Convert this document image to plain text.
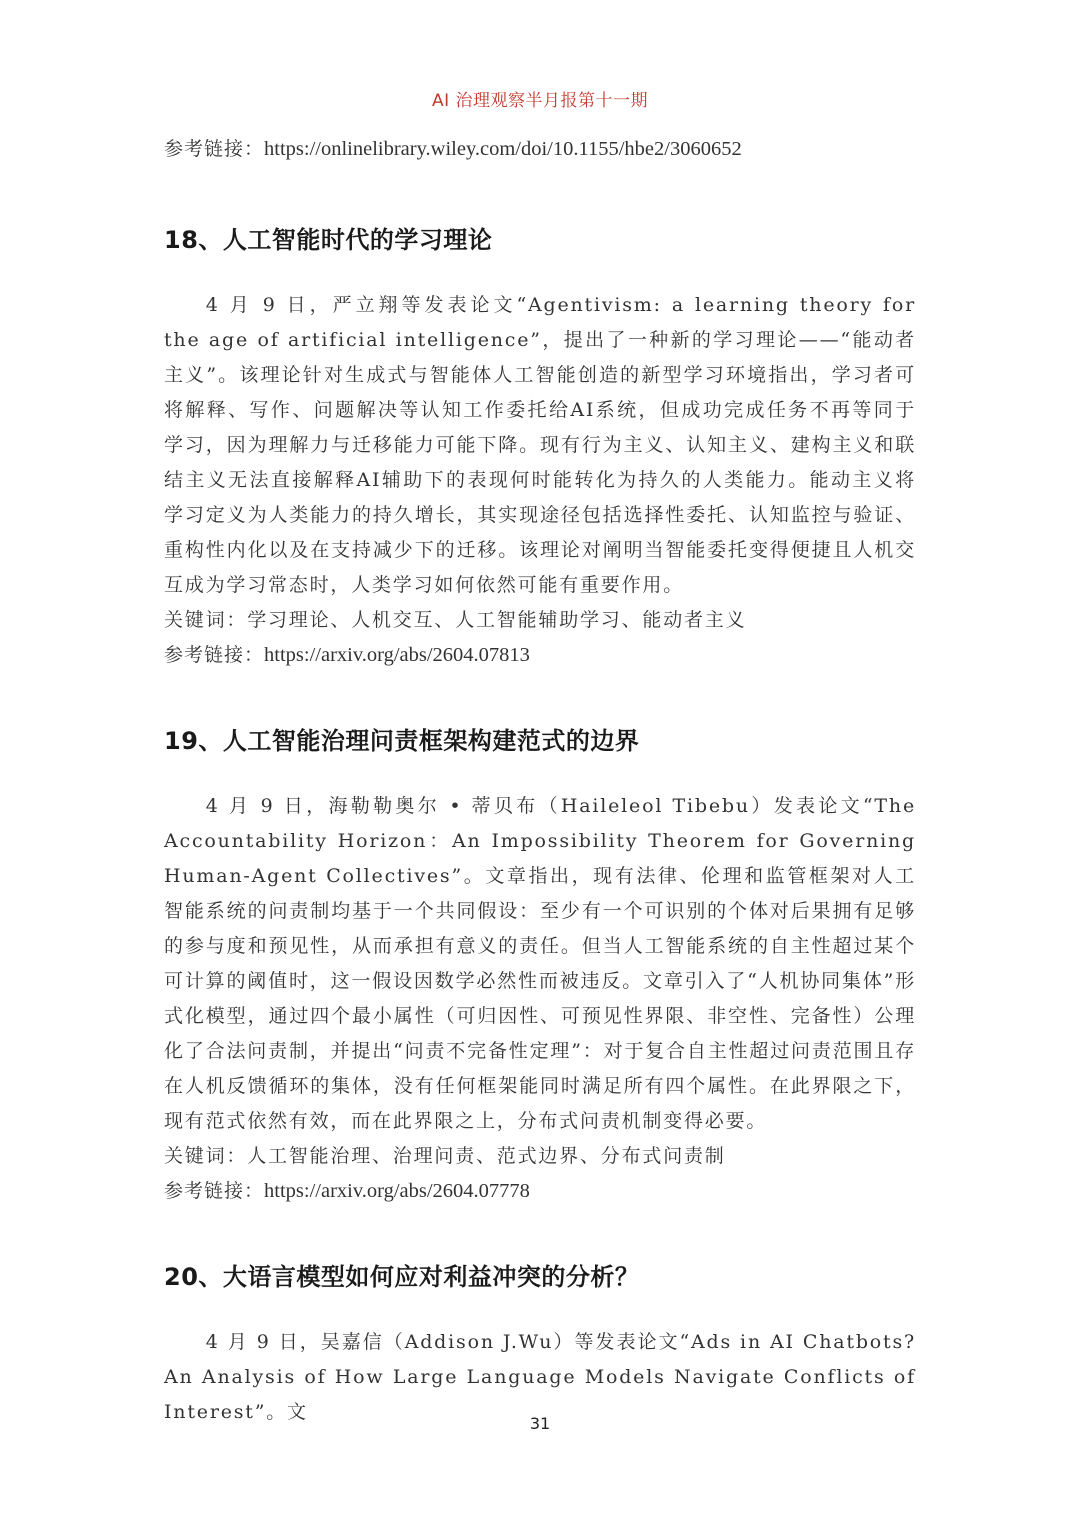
AI 治理观察半月报第十一期
参考链接：https://onlinelibrary.wiley.com/doi/10.1155/hbe2/3060652
18、人工智能时代的学习理论

4 月 9 日，严立翔等发表论文“Agentivism: a learning theory for the age of artificial intelligence”，提出了一种新的学习理论——“能动者主义”。该理论针对生成式与智能体人工智能创造的新型学习环境指出，学习者可将解释、写作、问题解决等认知工作委托给AI系统，但成功完成任务不再等同于学习，因为理解力与迁移能力可能下降。现有行为主义、认知主义、建构主义和联结主义无法直接解释AI辅助下的表现何时能转化为持久的人类能力。能动主义将学习定义为人类能力的持久增长，其实现途径包括选择性委托、认知监控与验证、重构性内化以及在支持减少下的迁移。该理论对阐明当智能委托变得便捷且人机交互成为学习常态时，人类学习如何依然可能有重要作用。

关键词：学习理论、人机交互、人工智能辅助学习、能动者主义

参考链接：https://arxiv.org/abs/2604.07813
19、人工智能治理问责框架构建范式的边界

4 月 9 日，海勒勒奥尔 • 蒂贝布（Haileleol Tibebu）发表论文“The Accountability Horizon：An Impossibility Theorem for Governing Human-Agent Collectives”。文章指出，现有法律、伦理和监管框架对人工智能系统的问责制均基于一个共同假设：至少有一个可识别的个体对后果拥有足够的参与度和预见性，从而承担有意义的责任。但当人工智能系统的自主性超过某个可计算的阈值时，这一假设因数学必然性而被违反。文章引入了“人机协同集体”形式化模型，通过四个最小属性（可归因性、可预见性界限、非空性、完备性）公理化了合法问责制，并提出“问责不完备性定理”：对于复合自主性超过问责范围且存在人机反馈循环的集体，没有任何框架能同时满足所有四个属性。在此界限之下，现有范式依然有效，而在此界限之上，分布式问责机制变得必要。

关键词：人工智能治理、治理问责、范式边界、分布式问责制

参考链接：https://arxiv.org/abs/2604.07778
20、大语言模型如何应对利益冲突的分析？

4 月 9 日，吴嘉信（Addison J.Wu）等发表论文“Ads in AI Chatbots? An Analysis of How Large Language Models Navigate Conflicts of Interest”。文

31
